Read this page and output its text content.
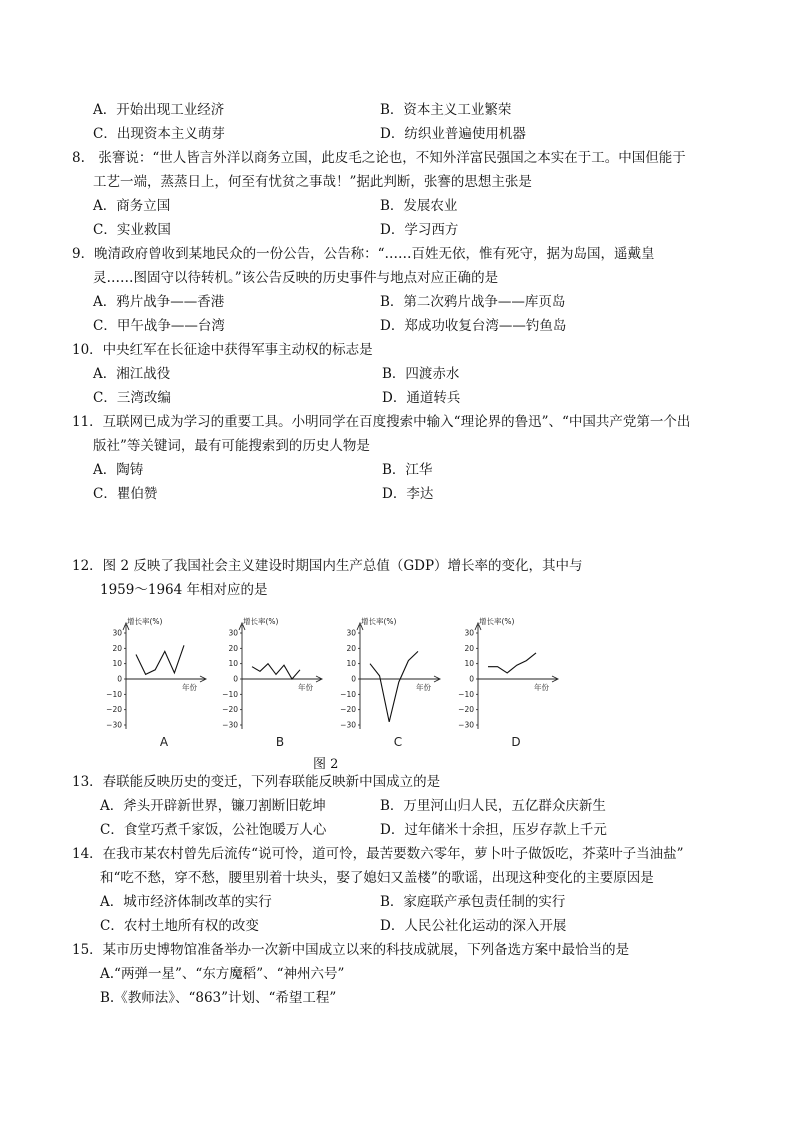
A．开始出现工业经济	B．资本主义工业繁荣
C．出现资本主义萌芽	D．纺织业普遍使用机器
8.　张謇说：“世人皆言外洋以商务立国，此皮毛之论也，不知外洋富民强国之本实在于工。中国但能于
工艺一端，蒸蒸日上，何至有忧贫之事哉！”据此判断，张謇的思想主张是
A．商务立国	B．发展农业
C．实业救国	D．学习西方
9．晚清政府曾收到某地民众的一份公告，公告称：“……百姓无依，惟有死守，据为岛国，遥戴皇
灵……图固守以待转机。”该公告反映的历史事件与地点对应正确的是
A．鸦片战争——香港	B．第二次鸦片战争——库页岛
C．甲午战争——台湾	D．郑成功收复台湾——钓鱼岛
10．中央红军在长征途中获得军事主动权的标志是
A．湘江战役	B．四渡赤水
C．三湾改编	D．通道转兵
11．互联网已成为学习的重要工具。小明同学在百度搜索中输入“理论界的鲁迅”、“中国共产党第一个出
版社”等关键词，最有可能搜索到的历史人物是
A．陶铸	B．江华
C．瞿伯赞	D．李达
12．图 2 反映了我国社会主义建设时期国内生产总值（GDP）增长率的变化，其中与
1959～1964 年相对应的是
增长率(%)
年份
30
20
10
0
−10
−20
−30
A
增长率(%)
年份
30
20
10
0
−10
−20
−30
B
增长率(%)
年份
30
20
10
0
−10
−20
−30
C
增长率(%)
年份
30
20
10
0
−10
−20
−30
D
图 2
13．春联能反映历史的变迁，下列春联能反映新中国成立的是
A．斧头开辟新世界，镰刀割断旧乾坤	B．万里河山归人民，五亿群众庆新生
C．食堂巧煮千家饭，公社饱暖万人心	D．过年储米十余担，压岁存款上千元
14．在我市某农村曾先后流传“说可怜，道可怜，最苦要数六零年，萝卜叶子做饭吃，芥菜叶子当油盐”
和“吃不愁，穿不愁，腰里别着十块头，娶了媳妇又盖楼”的歌谣，出现这种变化的主要原因是
A．城市经济体制改革的实行	B．家庭联产承包责任制的实行
C．农村土地所有权的改变	D．人民公社化运动的深入开展
15．某市历史博物馆准备举办一次新中国成立以来的科技成就展，下列备选方案中最恰当的是
A.“两弹一星”、“东方魔稻”、“神州六号”
B.《教师法》、“863”计划、“希望工程”
